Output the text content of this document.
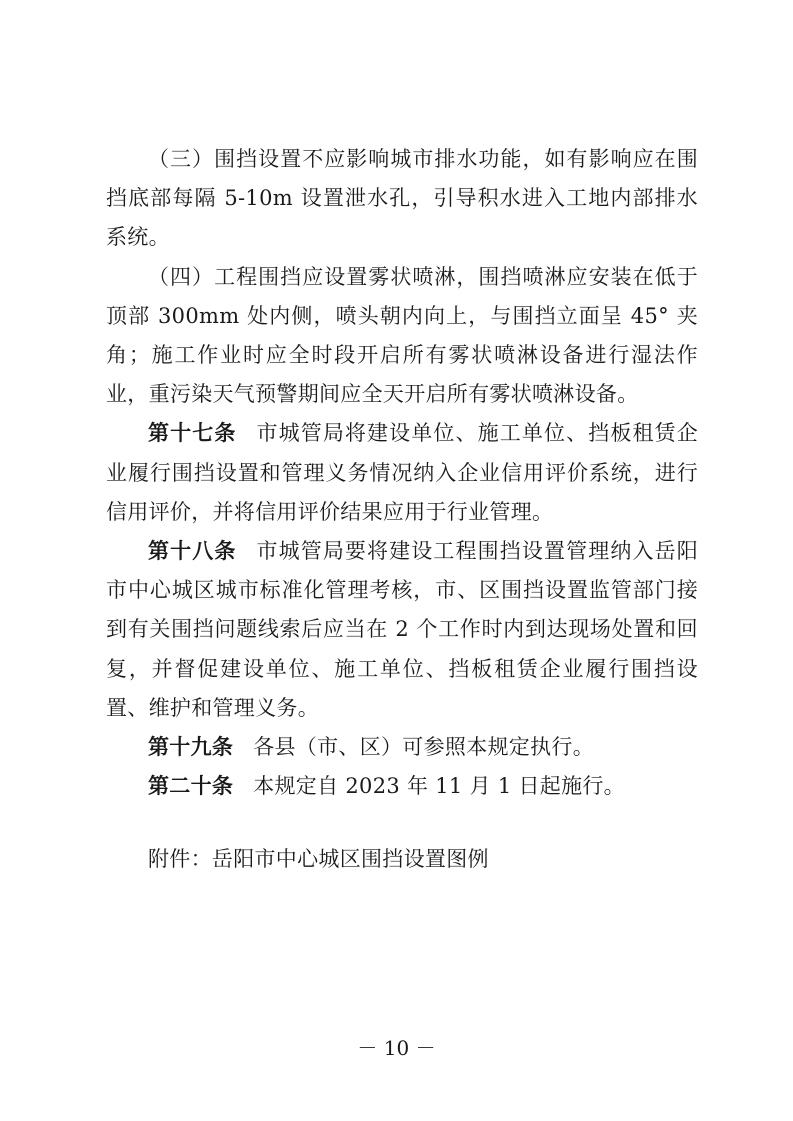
（三）围挡设置不应影响城市排水功能，如有影响应在围挡底部每隔 5-10m 设置泄水孔，引导积水进入工地内部排水系统。

（四）工程围挡应设置雾状喷淋，围挡喷淋应安装在低于顶部 300mm 处内侧，喷头朝内向上，与围挡立面呈 45° 夹角；施工作业时应全时段开启所有雾状喷淋设备进行湿法作业，重污染天气预警期间应全天开启所有雾状喷淋设备。

第十七条 市城管局将建设单位、施工单位、挡板租赁企业履行围挡设置和管理义务情况纳入企业信用评价系统，进行信用评价，并将信用评价结果应用于行业管理。

第十八条 市城管局要将建设工程围挡设置管理纳入岳阳市中心城区城市标准化管理考核，市、区围挡设置监管部门接到有关围挡问题线索后应当在 2 个工作时内到达现场处置和回复，并督促建设单位、施工单位、挡板租赁企业履行围挡设置、维护和管理义务。

第十九条 各县（市、区）可参照本规定执行。

第二十条 本规定自 2023 年 11 月 1 日起施行。

附件：岳阳市中心城区围挡设置图例

－ 10 －
